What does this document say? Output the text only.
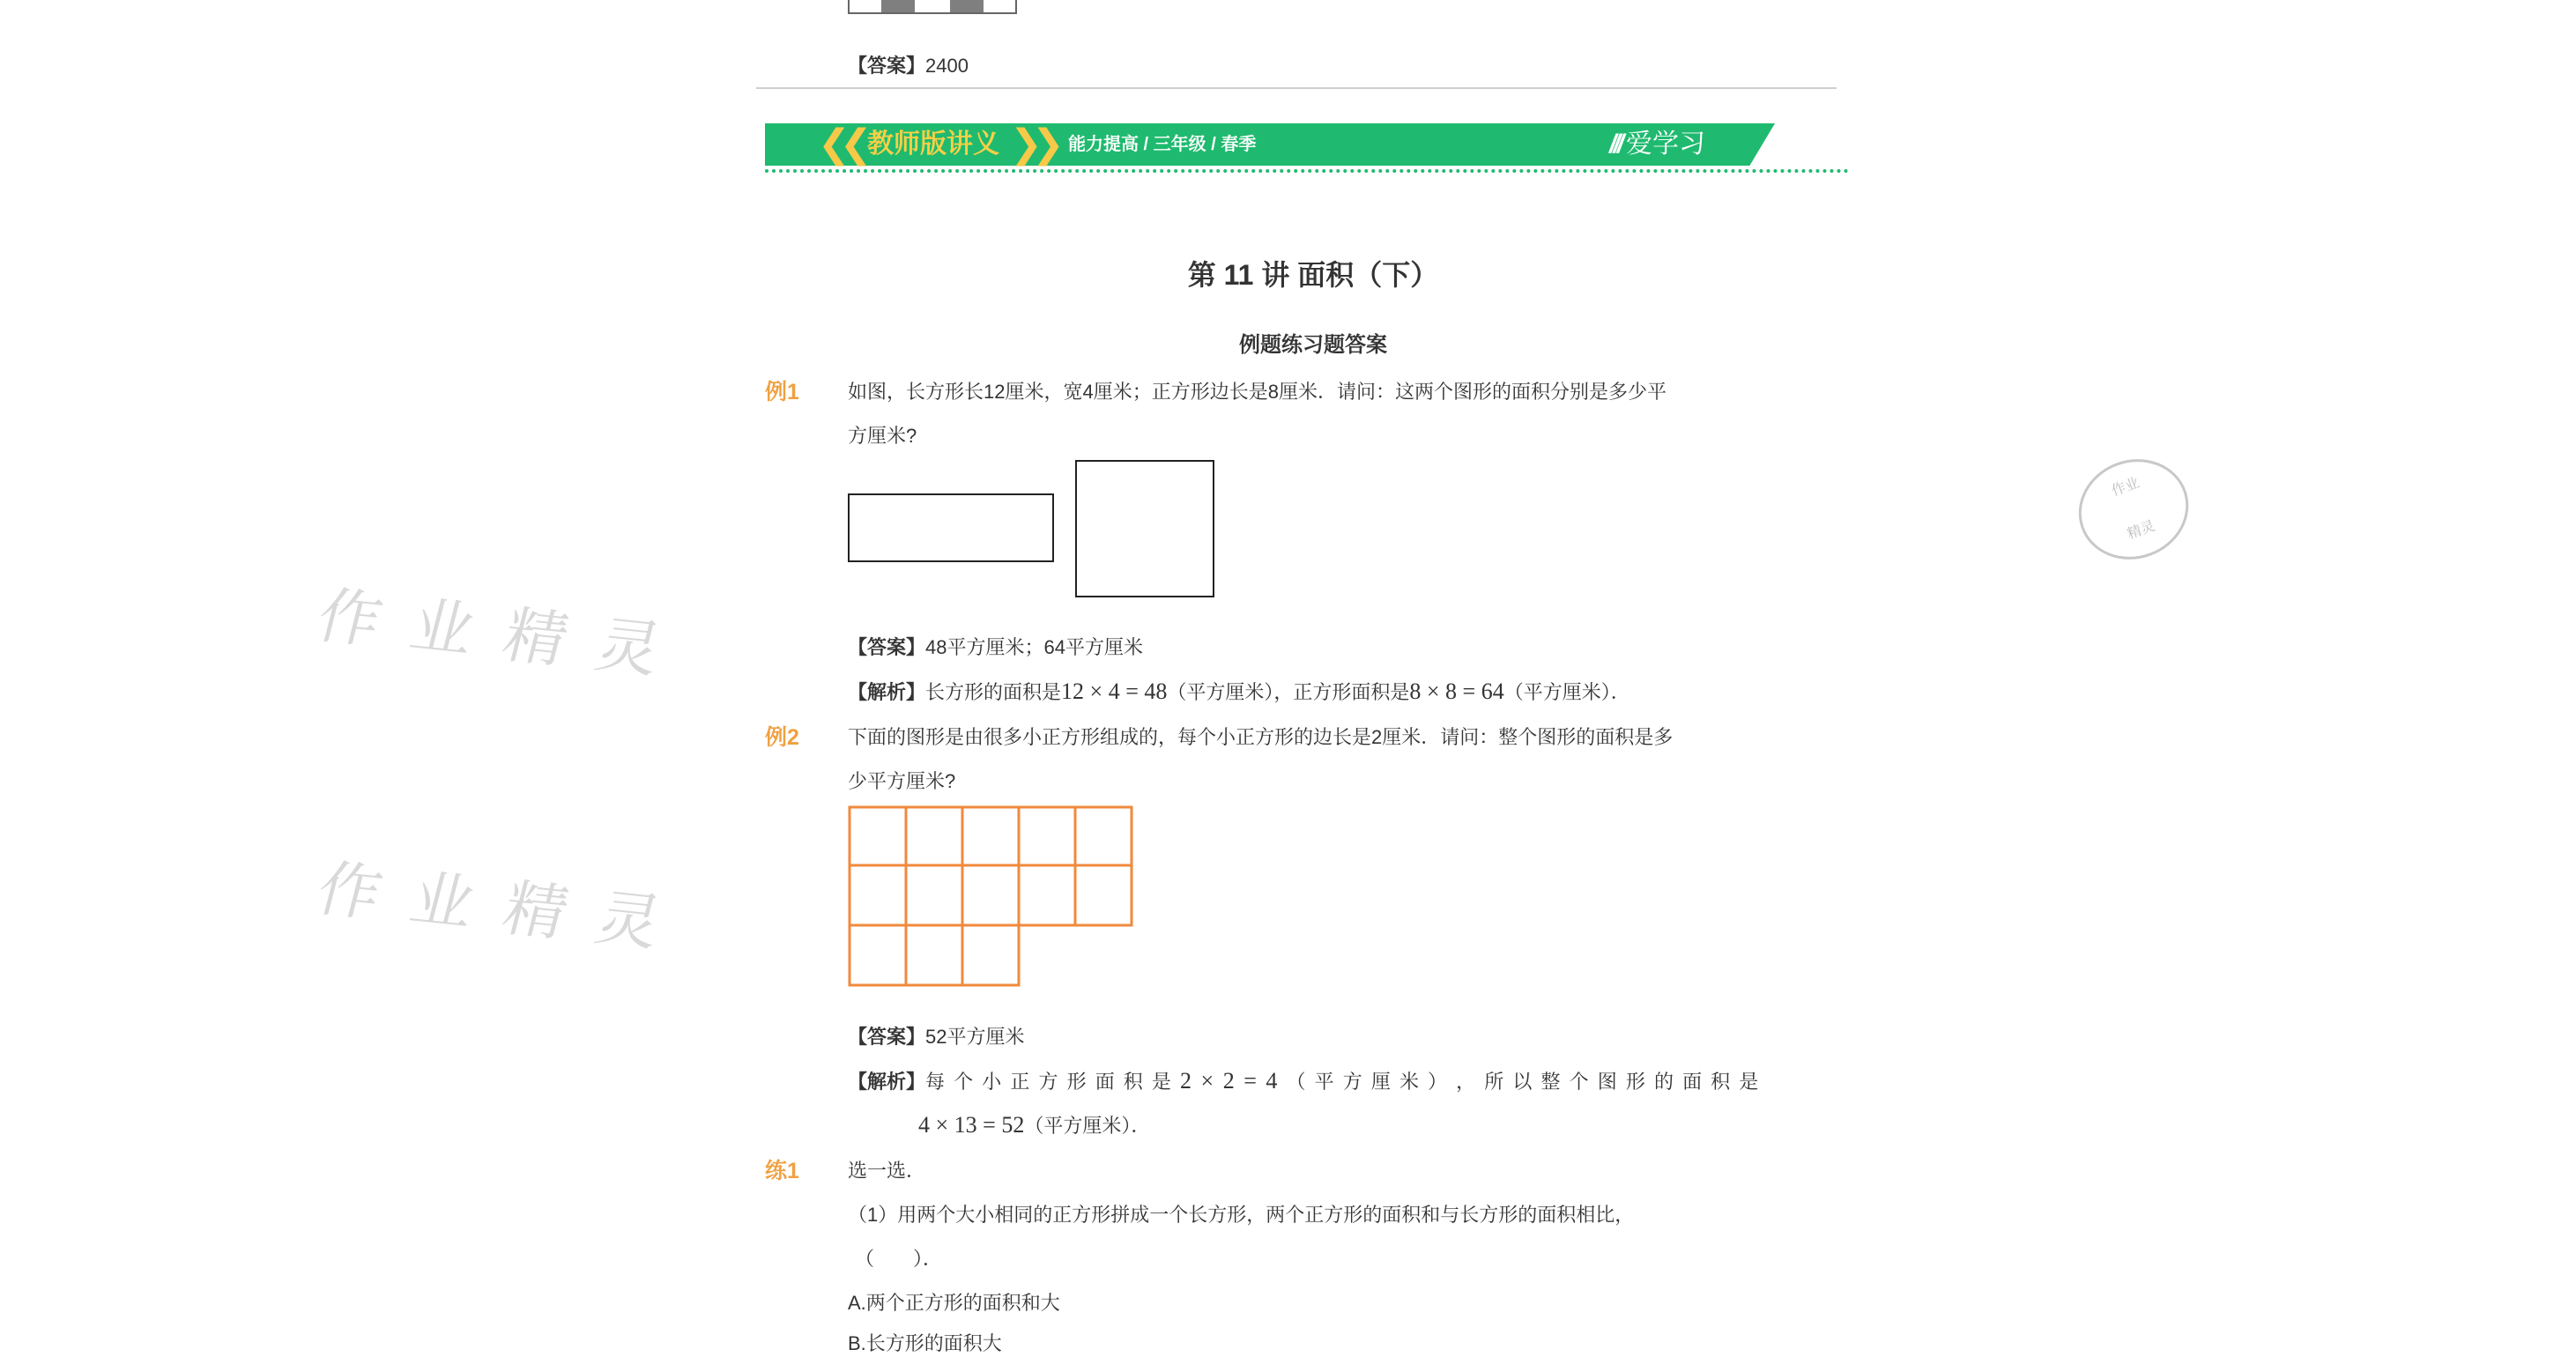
【答案】2400
❮❮ 教师版讲义 ❯❯ 能力提高 / 三年级 / 春季	/// 爱学习
第 11 讲 面积（下）
例题练习题答案
例1	如图，长方形长12厘米，宽4厘米；正方形边长是8厘米．请问：这两个图形的面积分别是多少平
方厘米?
【答案】48平方厘米；64平方厘米
【解析】长方形的面积是12 × 4 = 48（平方厘米），正方形面积是8 × 8 = 64（平方厘米）．
例2	下面的图形是由很多小正方形组成的，每个小正方形的边长是2厘米．请问：整个图形的面积是多
少平方厘米?
【答案】52平方厘米
【解析】每 个 小 正 方 形 面 积 是 2 × 2 = 4 （ 平 方 厘 米 ） ， 所 以 整 个 图 形 的 面 积 是
4 × 13 = 52（平方厘米）．
练1	选一选．
（1）用两个大小相同的正方形拼成一个长方形，两个正方形的面积和与长方形的面积相比，
（　　）．
A.两个正方形的面积和大
B.长方形的面积大
作 业 精 灵
作 业 精 灵
作业
精灵
